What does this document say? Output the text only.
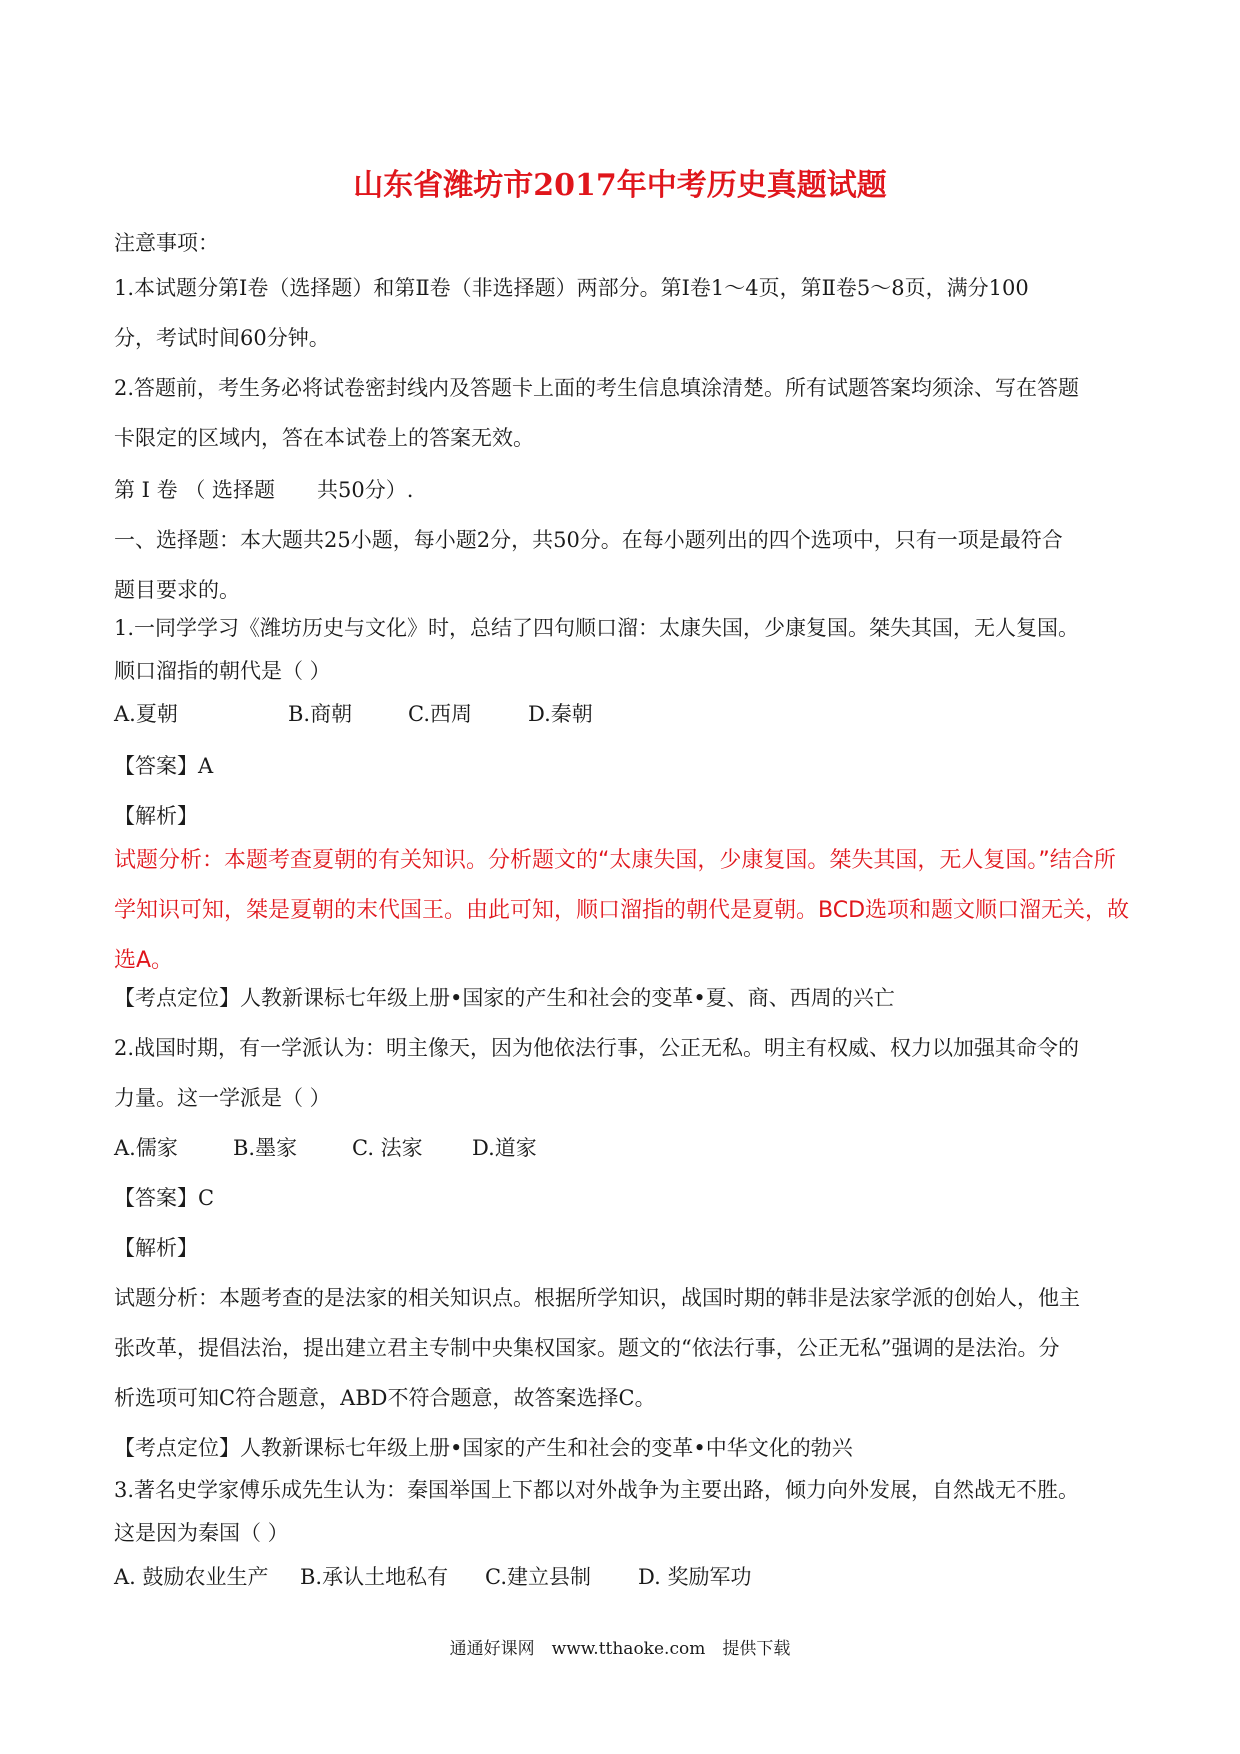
山东省潍坊市2017年中考历史真题试题
注意事项：
1.本试题分第Ⅰ卷（选择题）和第Ⅱ卷（非选择题）两部分。第Ⅰ卷1～4页，第Ⅱ卷5～8页，满分100
分，考试时间60分钟。
2.答题前，考生务必将试卷密封线内及答题卡上面的考生信息填涂清楚。所有试题答案均须涂、写在答题
卡限定的区域内，答在本试卷上的答案无效。
第 Ⅰ 卷 （ 选择题　　共50分）.
一、选择题：本大题共25小题，每小题2分，共50分。在每小题列出的四个选项中，只有一项是最符合
题目要求的。
1.一同学学习《潍坊历史与文化》时，总结了四句顺口溜：太康失国，少康复国。桀失其国，无人复国。
顺口溜指的朝代是（ ）
A.夏朝	B.商朝	C.西周	D.秦朝
【答案】A
【解析】
试题分析：本题考查夏朝的有关知识。分析题文的“太康失国，少康复国。桀失其国，无人复国。”结合所
学知识可知，桀是夏朝的末代国王。由此可知，顺口溜指的朝代是夏朝。BCD选项和题文顺口溜无关，故
选A。
【考点定位】人教新课标七年级上册•国家的产生和社会的变革•夏、商、西周的兴亡
2.战国时期，有一学派认为：明主像天，因为他依法行事，公正无私。明主有权威、权力以加强其命令的
力量。这一学派是（ ）
A.儒家	B.墨家	C. 法家 D.道家
【答案】C
【解析】
试题分析：本题考查的是法家的相关知识点。根据所学知识，战国时期的韩非是法家学派的创始人，他主
张改革，提倡法治，提出建立君主专制中央集权国家。题文的“依法行事，公正无私”强调的是法治。分
析选项可知C符合题意，ABD不符合题意，故答案选择C。
【考点定位】人教新课标七年级上册•国家的产生和社会的变革•中华文化的勃兴
3.著名史学家傅乐成先生认为：秦国举国上下都以对外战争为主要出路，倾力向外发展，自然战无不胜。
这是因为秦国（ ）
A. 鼓励农业生产 B.承认土地私有 C.建立县制 D. 奖励军功
通通好课网　www.tthaoke.com　提供下载
